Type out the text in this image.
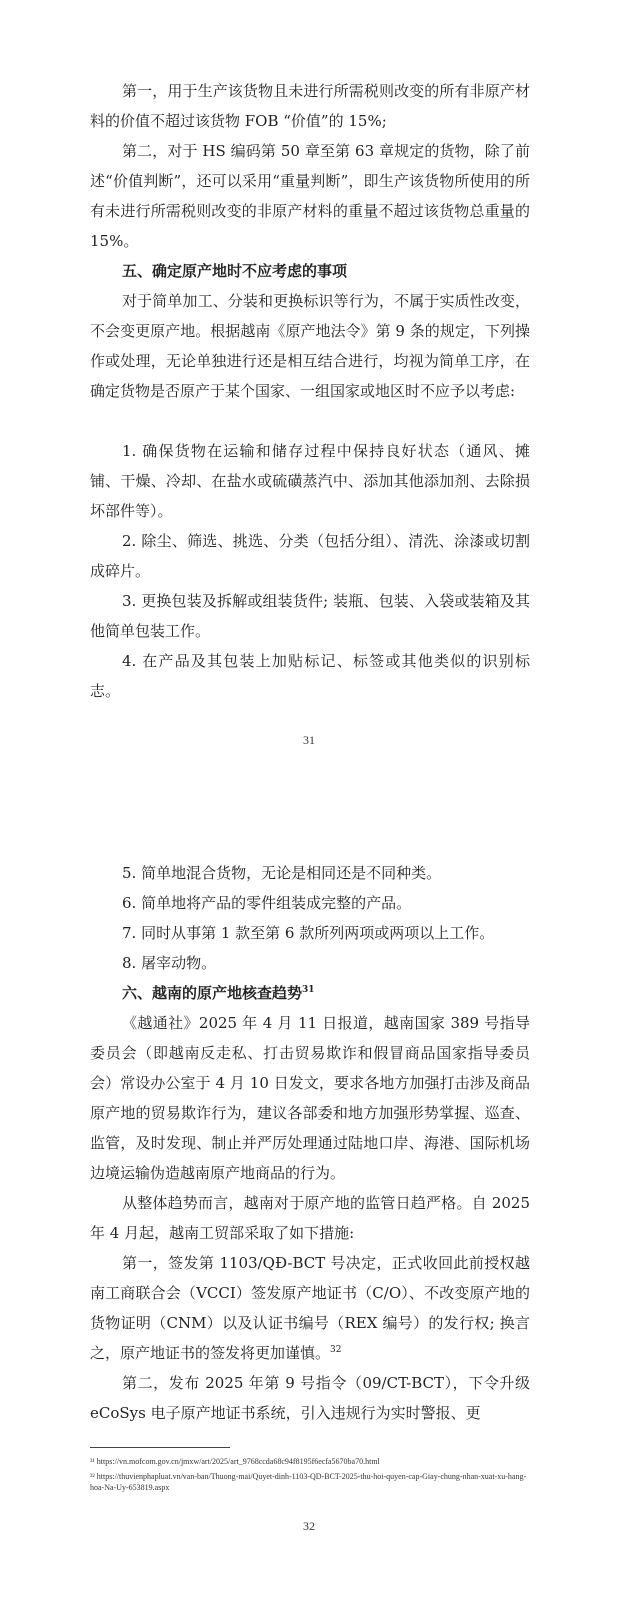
第一，用于生产该货物且未进行所需税则改变的所有非原产材料的价值不超过该货物 FOB “价值”的 15%;

第二，对于 HS 编码第 50 章至第 63 章规定的货物，除了前述“价值判断”，还可以采用“重量判断”，即生产该货物所使用的所有未进行所需税则改变的非原产材料的重量不超过该货物总重量的 15%。

五、确定原产地时不应考虑的事项

对于简单加工、分装和更换标识等行为，不属于实质性改变，不会变更原产地。根据越南《原产地法令》第 9 条的规定，下列操作或处理，无论单独进行还是相互结合进行，均视为简单工序，在确定货物是否原产于某个国家、一组国家或地区时不应予以考虑:

1. 确保货物在运输和储存过程中保持良好状态（通风、摊铺、干燥、冷却、在盐水或硫磺蒸汽中、添加其他添加剂、去除损坏部件等）。

2. 除尘、筛选、挑选、分类（包括分组）、清洗、涂漆或切割成碎片。

3. 更换包装及拆解或组装货件; 装瓶、包装、入袋或装箱及其他简单包装工作。

4. 在产品及其包装上加贴标记、标签或其他类似的识别标志。

31

5. 简单地混合货物，无论是相同还是不同种类。

6. 简单地将产品的零件组装成完整的产品。

7. 同时从事第 1 款至第 6 款所列两项或两项以上工作。

8. 屠宰动物。

六、越南的原产地核查趋势$^{31}$

《越通社》2025 年 4 月 11 日报道，越南国家 389 号指导委员会（即越南反走私、打击贸易欺诈和假冒商品国家指导委员会）常设办公室于 4 月 10 日发文，要求各地方加强打击涉及商品原产地的贸易欺诈行为，建议各部委和地方加强形势掌握、巡查、监管，及时发现、制止并严厉处理通过陆地口岸、海港、国际机场边境运输伪造越南原产地商品的行为。

从整体趋势而言，越南对于原产地的监管日趋严格。自 2025 年 4 月起，越南工贸部采取了如下措施:

第一，签发第 1103/QĐ-BCT 号决定，正式收回此前授权越南工商联合会（VCCI）签发原产地证书（C/O）、不改变原产地的货物证明（CNM）以及认证书编号（REX 编号）的发行权; 换言之，原产地证书的签发将更加谨慎。$^{32}$

第二，发布 2025 年第 9 号指令（09/CT-BCT），下令升级 eCoSys 电子原产地证书系统，引入违规行为实时警报、更

³¹ https://vn.mofcom.gov.cn/jmxw/art/2025/art_9768ccda68c94f8195f6ecfa5670ba70.html

³² https://thuvienphapluat.vn/van-ban/Thuong-mai/Quyet-dinh-1103-QD-BCT-2025-thu-hoi-quyen-cap-Giay-chung-nhan-xuat-xu-hang-hoa-Na-Uy-653819.aspx

32
